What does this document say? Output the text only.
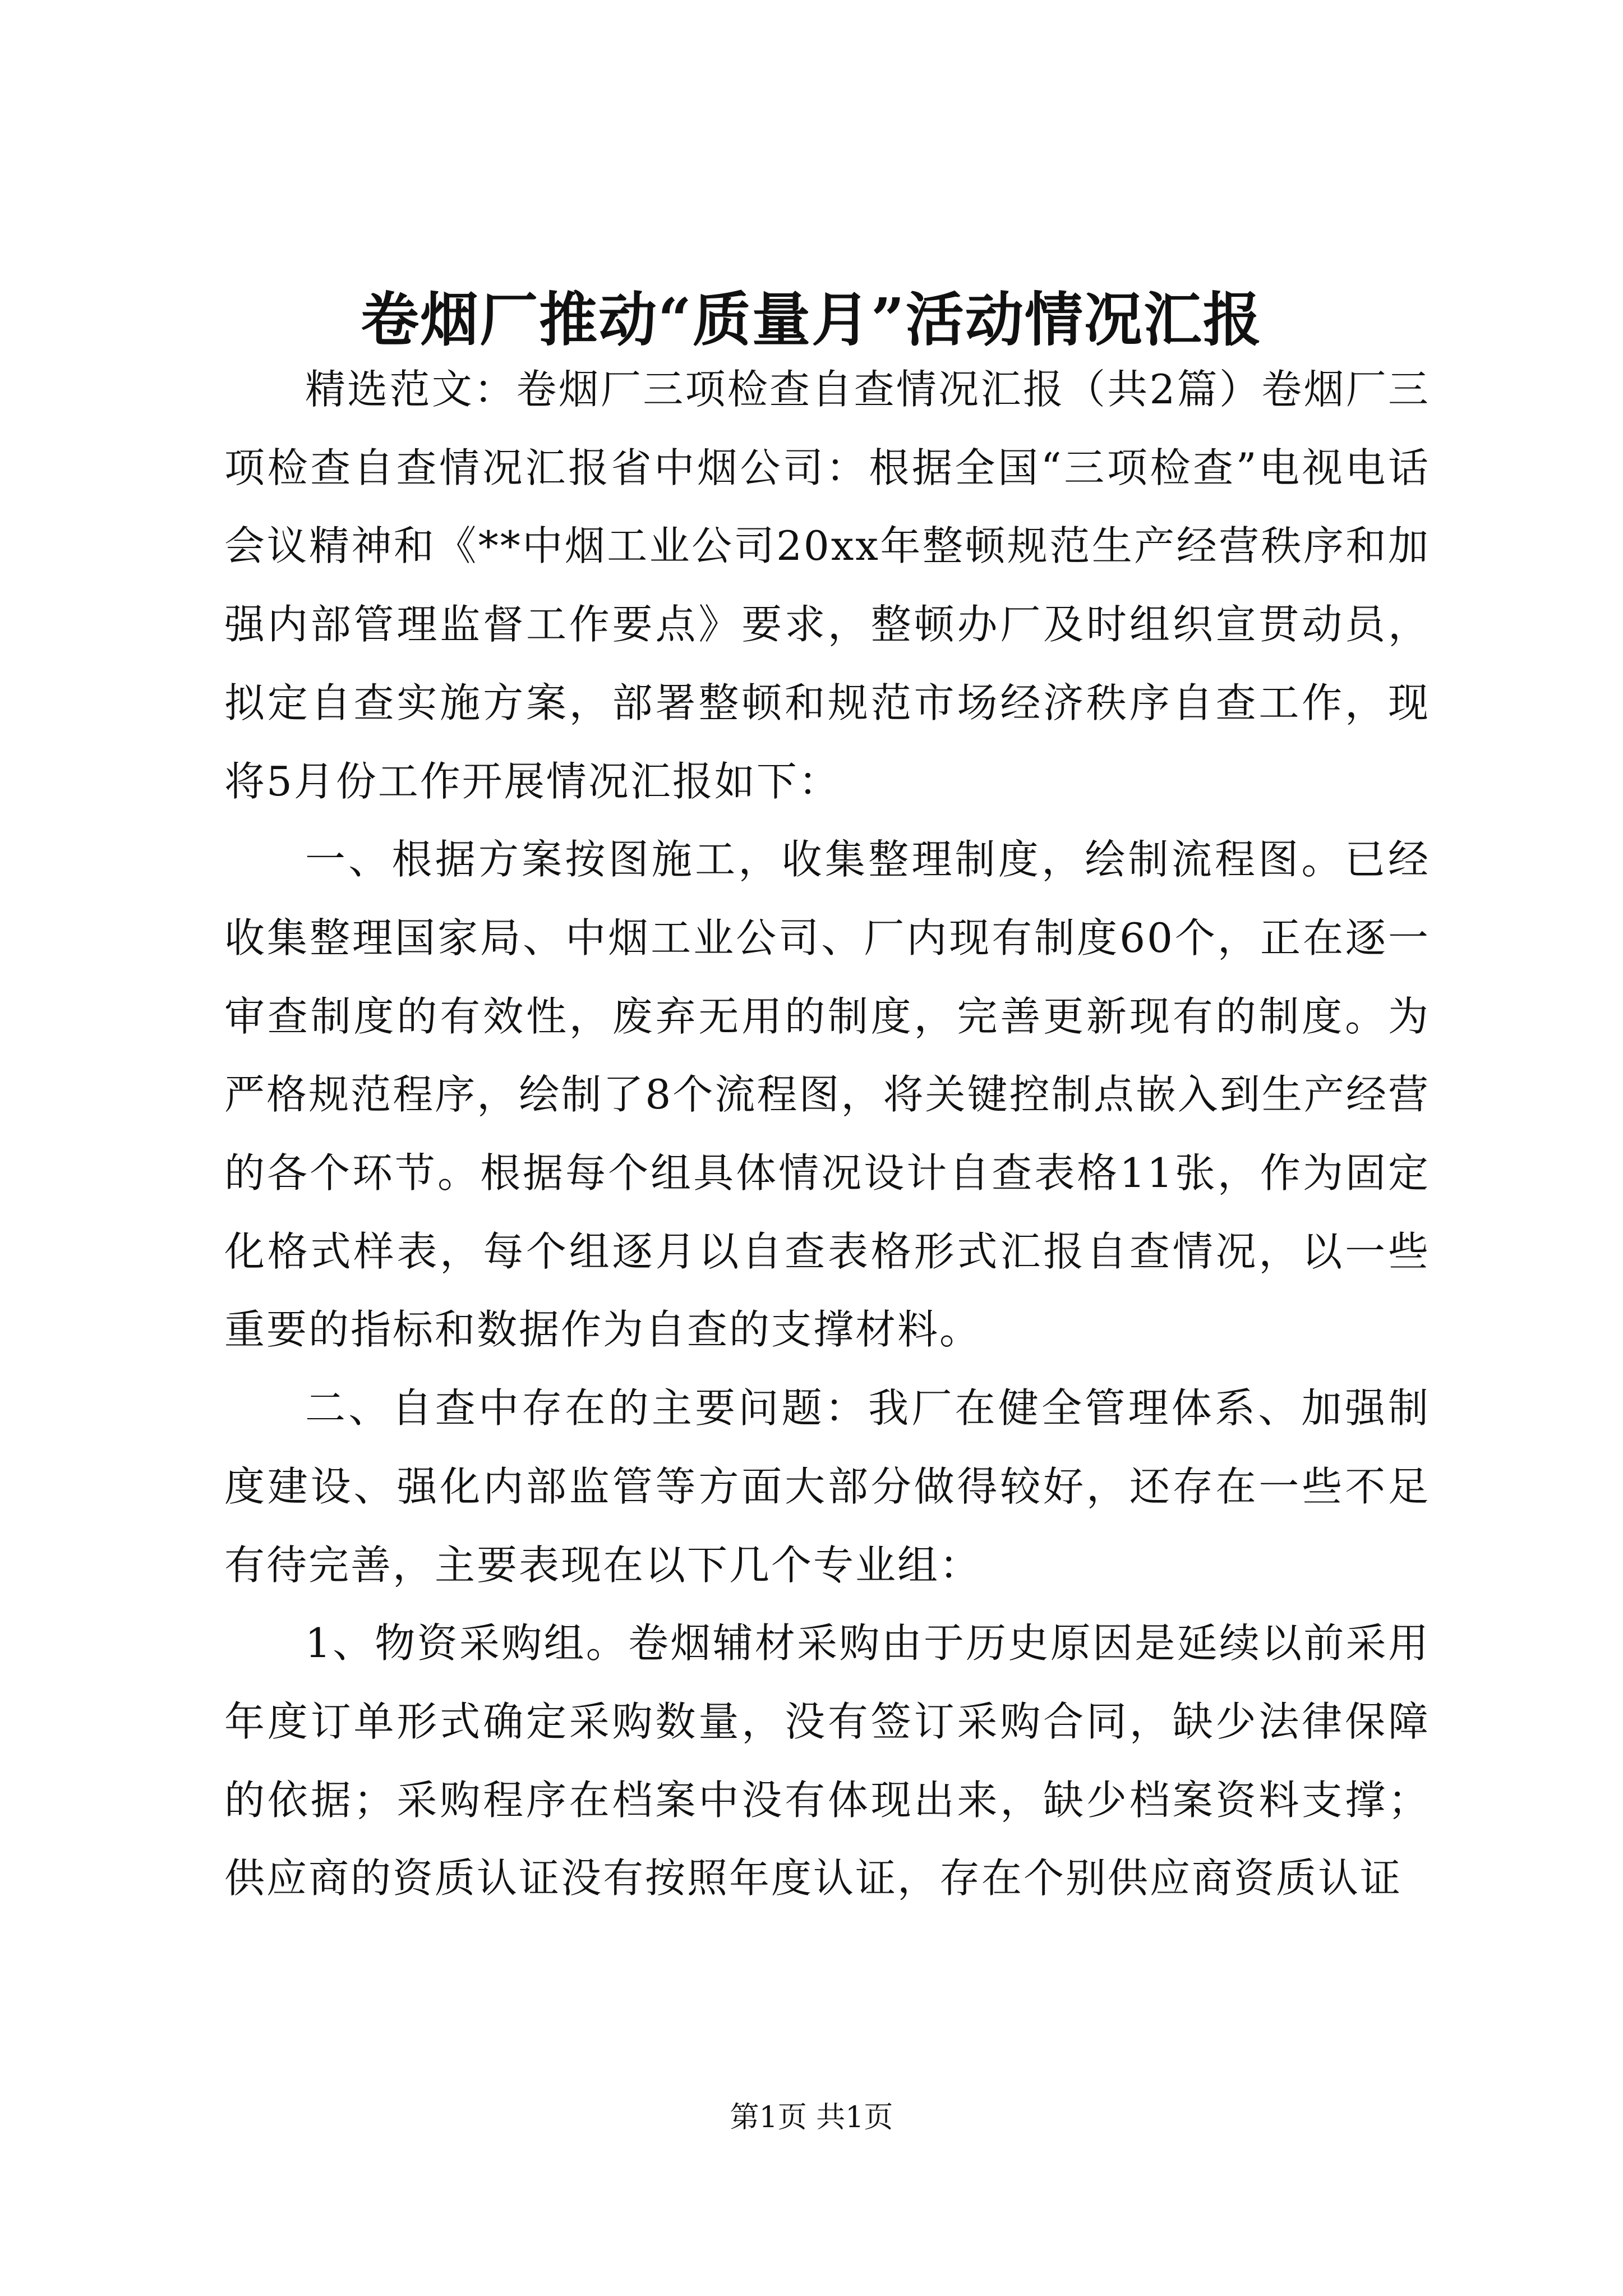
卷烟厂推动“质量月”活动情况汇报

精选范文：卷烟厂三项检查自查情况汇报（共2篇）卷烟厂三项检查自查情况汇报省中烟公司：根据全国“三项检查”电视电话会议精神和《**中烟工业公司20xx年整顿规范生产经营秩序和加强内部管理监督工作要点》要求，整顿办厂及时组织宣贯动员，拟定自查实施方案，部署整顿和规范市场经济秩序自查工作，现将5月份工作开展情况汇报如下：

一、根据方案按图施工，收集整理制度，绘制流程图。已经收集整理国家局、中烟工业公司、厂内现有制度60个，正在逐一审查制度的有效性，废弃无用的制度，完善更新现有的制度。为严格规范程序，绘制了8个流程图，将关键控制点嵌入到生产经营的各个环节。根据每个组具体情况设计自查表格11张，作为固定化格式样表，每个组逐月以自查表格形式汇报自查情况，以一些重要的指标和数据作为自查的支撑材料。

二、自查中存在的主要问题：我厂在健全管理体系、加强制度建设、强化内部监管等方面大部分做得较好，还存在一些不足有待完善，主要表现在以下几个专业组：

1、物资采购组。卷烟辅材采购由于历史原因是延续以前采用年度订单形式确定采购数量，没有签订采购合同，缺少法律保障的依据；采购程序在档案中没有体现出来，缺少档案资料支撑；供应商的资质认证没有按照年度认证，存在个别供应商资质认证

第1页 共1页
